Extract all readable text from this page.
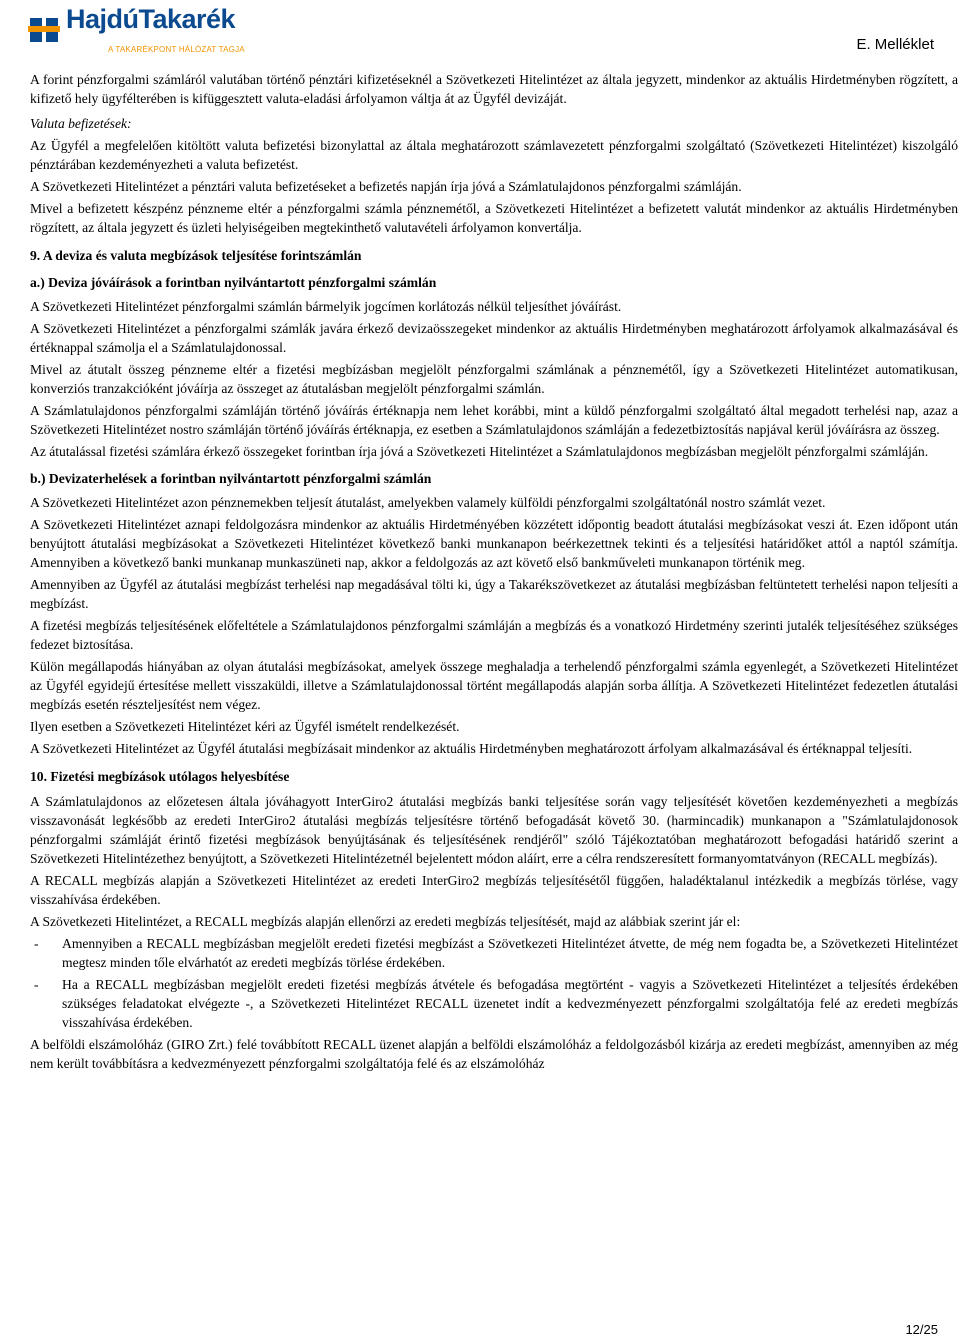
HajdúTakarék
A TAKARÉKPONT HÁLÓZAT TAGJA	E. Melléklet

A forint pénzforgalmi számláról valutában történő pénztári kifizetéseknél a Szövetkezeti Hitelintézet az általa jegyzett, mindenkor az aktuális Hirdetményben rögzített, a kifizető hely ügyfélterében is kifüggesztett valuta-eladási árfolyamon váltja át az Ügyfél devizáját.

Valuta befizetések:

Az Ügyfél a megfelelően kitöltött valuta befizetési bizonylattal az általa meghatározott számlavezetett pénzforgalmi szolgáltató (Szövetkezeti Hitelintézet) kiszolgáló pénztárában kezdeményezheti a valuta befizetést.

A Szövetkezeti Hitelintézet a pénztári valuta befizetéseket a befizetés napján írja jóvá a Számlatulajdonos pénzforgalmi számláján.

Mivel a befizetett készpénz pénzneme eltér a pénzforgalmi számla pénznemétől, a Szövetkezeti Hitelintézet a befizetett valutát mindenkor az aktuális Hirdetményben rögzített, az általa jegyzett és üzleti helyiségeiben megtekinthető valutavételi árfolyamon konvertálja.

9. A deviza és valuta megbízások teljesítése forintszámlán
a.) Deviza jóváírások a forintban nyilvántartott pénzforgalmi számlán

A Szövetkezeti Hitelintézet pénzforgalmi számlán bármelyik jogcímen korlátozás nélkül teljesíthet jóváírást.

A Szövetkezeti Hitelintézet a pénzforgalmi számlák javára érkező devizaösszegeket mindenkor az aktuális Hirdetményben meghatározott árfolyamok alkalmazásával és értéknappal számolja el a Számlatulajdonossal.

Mivel az átutalt összeg pénzneme eltér a fizetési megbízásban megjelölt pénzforgalmi számlának a pénznemétől, így a Szövetkezeti Hitelintézet automatikusan, konverziós tranzakcióként jóváírja az összeget az átutalásban megjelölt pénzforgalmi számlán.

A Számlatulajdonos pénzforgalmi számláján történő jóváírás értéknapja nem lehet korábbi, mint a küldő pénzforgalmi szolgáltató által megadott terhelési nap, azaz a Szövetkezeti Hitelintézet nostro számláján történő jóváírás értéknapja, ez esetben a Számlatulajdonos számláján a fedezetbiztosítás napjával kerül jóváírásra az összeg.

Az átutalással fizetési számlára érkező összegeket forintban írja jóvá a Szövetkezeti Hitelintézet a Számlatulajdonos megbízásban megjelölt pénzforgalmi számláján.

b.) Devizaterhelések a forintban nyilvántartott pénzforgalmi számlán

A Szövetkezeti Hitelintézet azon pénznemekben teljesít átutalást, amelyekben valamely külföldi pénzforgalmi szolgáltatónál nostro számlát vezet.

A Szövetkezeti Hitelintézet aznapi feldolgozásra mindenkor az aktuális Hirdetményében közzétett időpontig beadott átutalási megbízásokat veszi át. Ezen időpont után benyújtott átutalási megbízásokat a Szövetkezeti Hitelintézet következő banki munkanapon beérkezettnek tekinti és a teljesítési határidőket attól a naptól számítja. Amennyiben a következő banki munkanap munkaszüneti nap, akkor a feldolgozás az azt követő első bankműveleti munkanapon történik meg.

Amennyiben az Ügyfél az átutalási megbízást terhelési nap megadásával tölti ki, úgy a Takarékszövetkezet az átutalási megbízásban feltüntetett terhelési napon teljesíti a megbízást.

A fizetési megbízás teljesítésének előfeltétele a Számlatulajdonos pénzforgalmi számláján a megbízás és a vonatkozó Hirdetmény szerinti jutalék teljesítéséhez szükséges fedezet biztosítása.

Külön megállapodás hiányában az olyan átutalási megbízásokat, amelyek összege meghaladja a terhelendő pénzforgalmi számla egyenlegét, a Szövetkezeti Hitelintézet az Ügyfél egyidejű értesítése mellett visszaküldi, illetve a Számlatulajdonossal történt megállapodás alapján sorba állítja. A Szövetkezeti Hitelintézet fedezetlen átutalási megbízás esetén részteljesítést nem végez.

Ilyen esetben a Szövetkezeti Hitelintézet kéri az Ügyfél ismételt rendelkezését.

A Szövetkezeti Hitelintézet az Ügyfél átutalási megbízásait mindenkor az aktuális Hirdetményben meghatározott árfolyam alkalmazásával és értéknappal teljesíti.

10. Fizetési megbízások utólagos helyesbítése

A Számlatulajdonos az előzetesen általa jóváhagyott InterGiro2 átutalási megbízás banki teljesítése során vagy teljesítését követően kezdeményezheti a megbízás visszavonását legkésőbb az eredeti InterGiro2 átutalási megbízás teljesítésre történő befogadását követő 30. (harmincadik) munkanapon a "Számlatulajdonosok pénzforgalmi számláját érintő fizetési megbízások benyújtásának és teljesítésének rendjéről" szóló Tájékoztatóban meghatározott befogadási határidő szerint a Szövetkezeti Hitelintézethez benyújtott, a Szövetkezeti Hitelintézetnél bejelentett módon aláírt, erre a célra rendszeresített formanyomtatványon (RECALL megbízás).

A RECALL megbízás alapján a Szövetkezeti Hitelintézet az eredeti InterGiro2 megbízás teljesítésétől függően, haladéktalanul intézkedik a megbízás törlése, vagy visszahívása érdekében.

A Szövetkezeti Hitelintézet, a RECALL megbízás alapján ellenőrzi az eredeti megbízás teljesítését, majd az alábbiak szerint jár el:

- Amennyiben a RECALL megbízásban megjelölt eredeti fizetési megbízást a Szövetkezeti Hitelintézet átvette, de még nem fogadta be, a Szövetkezeti Hitelintézet megtesz minden tőle elvárhatót az eredeti megbízás törlése érdekében.
- Ha a RECALL megbízásban megjelölt eredeti fizetési megbízás átvétele és befogadása megtörtént - vagyis a Szövetkezeti Hitelintézet a teljesítés érdekében szükséges feladatokat elvégezte -, a Szövetkezeti Hitelintézet RECALL üzenetet indít a kedvezményezett pénzforgalmi szolgáltatója felé az eredeti megbízás visszahívása érdekében.

A belföldi elszámolóház (GIRO Zrt.) felé továbbított RECALL üzenet alapján a belföldi elszámolóház a feldolgozásból kizárja az eredeti megbízást, amennyiben az még nem került továbbításra a kedvezményezett pénzforgalmi szolgáltatója felé és az elszámolóház

12/25
